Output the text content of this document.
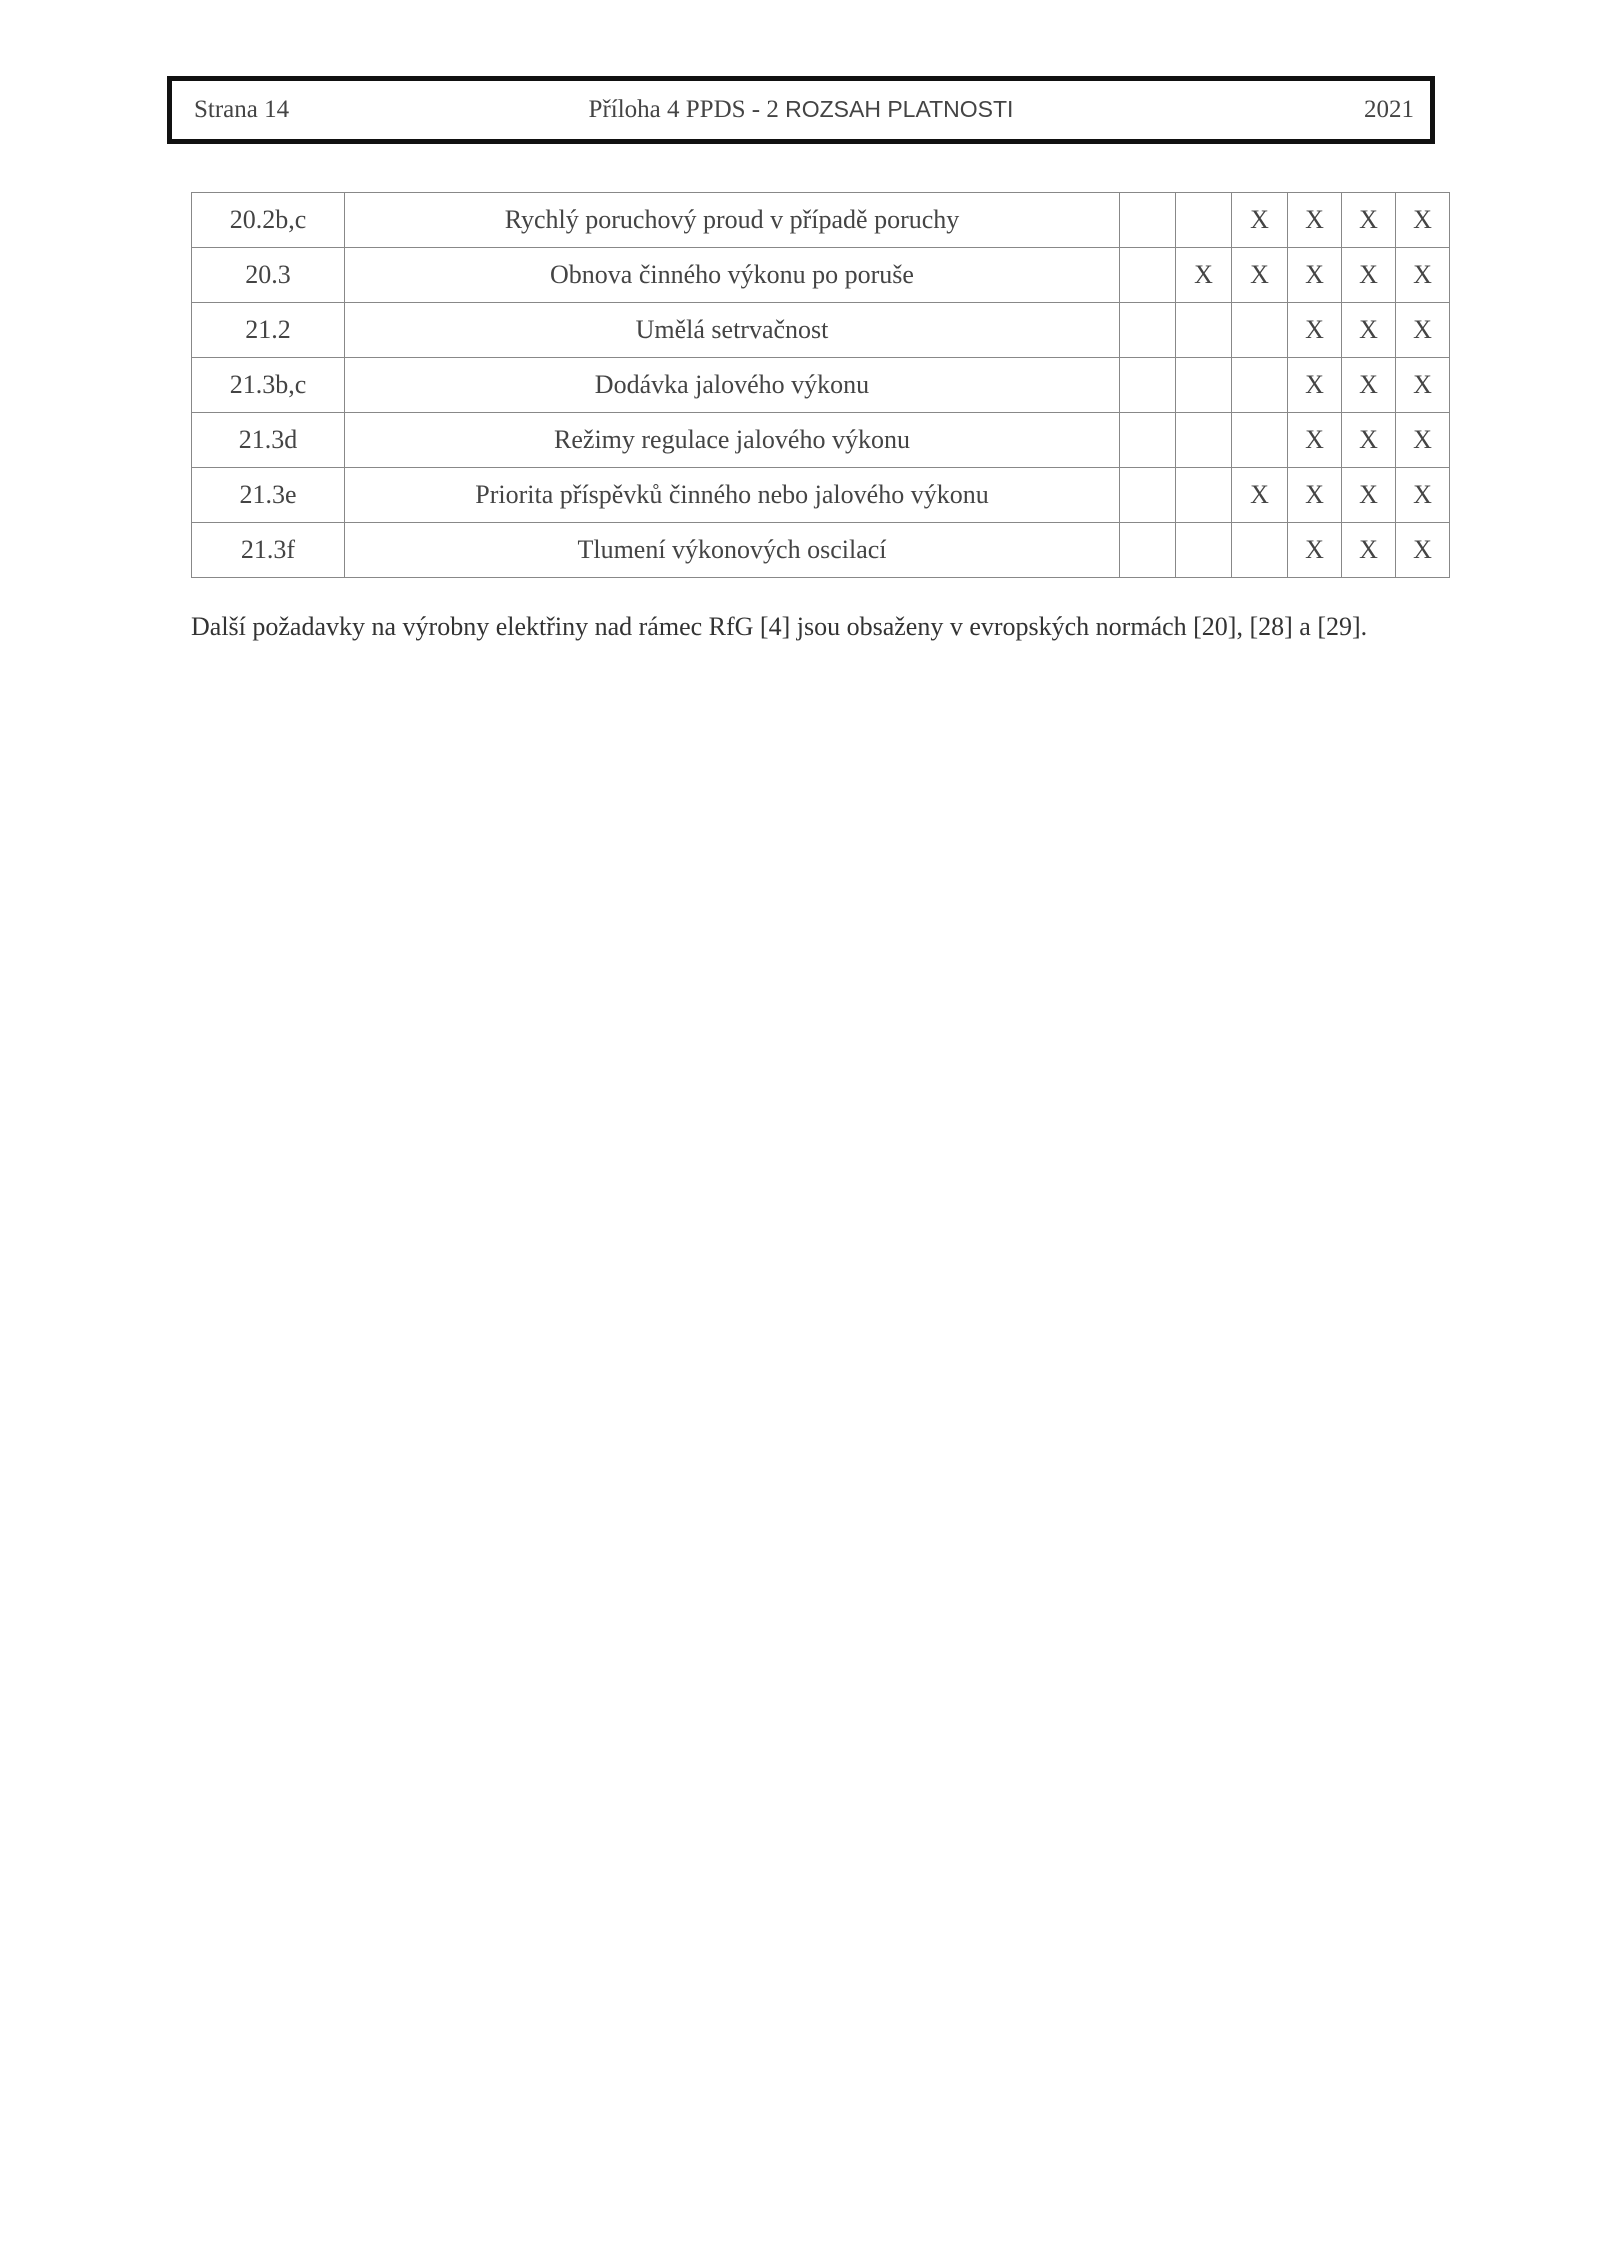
Strana 14	Příloha 4 PPDS - 2 ROZSAH PLATNOSTI	2021
20.2b,c	Rychlý poruchový proud v případě poruchy			X	X	X	X
20.3	Obnova činného výkonu po poruše		X	X	X	X	X
21.2	Umělá setrvačnost				X	X	X
21.3b,c	Dodávka jalového výkonu				X	X	X
21.3d	Režimy regulace jalového výkonu				X	X	X
21.3e	Priorita příspěvků činného nebo jalového výkonu			X	X	X	X
21.3f	Tlumení výkonových oscilací				X	X	X
Další požadavky na výrobny elektřiny nad rámec RfG [4] jsou obsaženy v evropských normách [20], [28] a [29].
